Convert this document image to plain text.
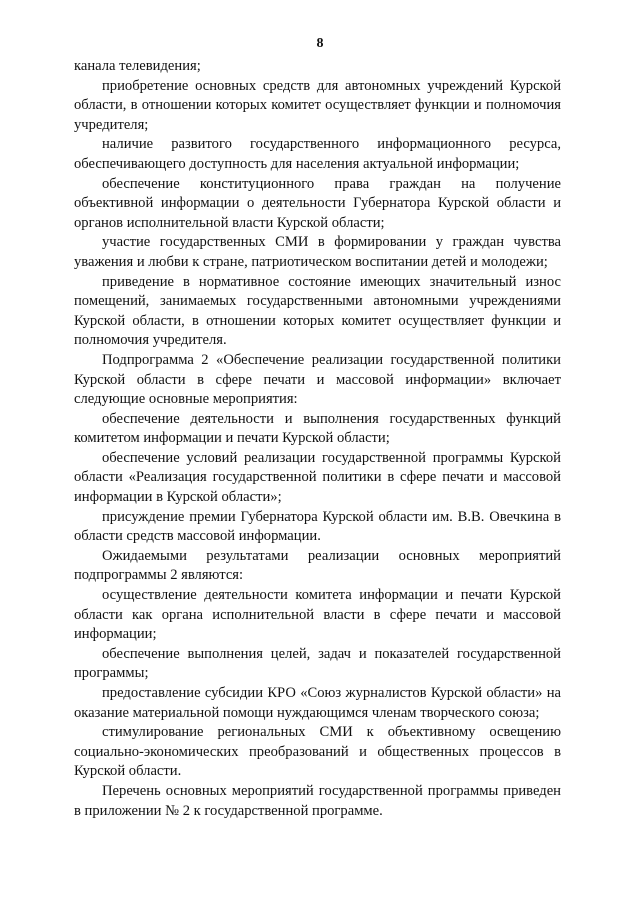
8

канала телевидения;

приобретение основных средств для автономных учреждений Курской области, в отношении которых комитет осуществляет функции и полномочия учредителя;

наличие развитого государственного информационного ресурса, обеспечивающего доступность для населения актуальной информации;

обеспечение конституционного права граждан на получение объективной информации о деятельности Губернатора Курской области и органов исполнительной власти Курской области;

участие государственных СМИ в формировании у граждан чувства уважения и любви к стране, патриотическом воспитании детей и молодежи;

приведение в нормативное состояние имеющих значительный износ помещений, занимаемых государственными автономными учреждениями Курской области, в отношении которых комитет осуществляет функции и полномочия учредителя.

Подпрограмма 2 «Обеспечение реализации государственной политики Курской области в сфере печати и массовой информации» включает следующие основные мероприятия:

обеспечение деятельности и выполнения государственных функций комитетом информации и печати Курской области;

обеспечение условий реализации государственной программы Курской области «Реализация государственной политики в сфере печати и массовой информации в Курской области»;

присуждение премии Губернатора Курской области им. В.В. Овечкина в области средств массовой информации.

Ожидаемыми результатами реализации основных мероприятий подпрограммы 2 являются:

осуществление деятельности комитета информации и печати Курской области как органа исполнительной власти в сфере печати и массовой информации;

обеспечение выполнения целей, задач и показателей государственной программы;

предоставление субсидии КРО «Союз журналистов Курской области» на оказание материальной помощи нуждающимся членам творческого союза;

стимулирование региональных СМИ к объективному освещению социально-экономических преобразований и общественных процессов в Курской области.

Перечень основных мероприятий государственной программы приведен в приложении № 2 к государственной программе.
